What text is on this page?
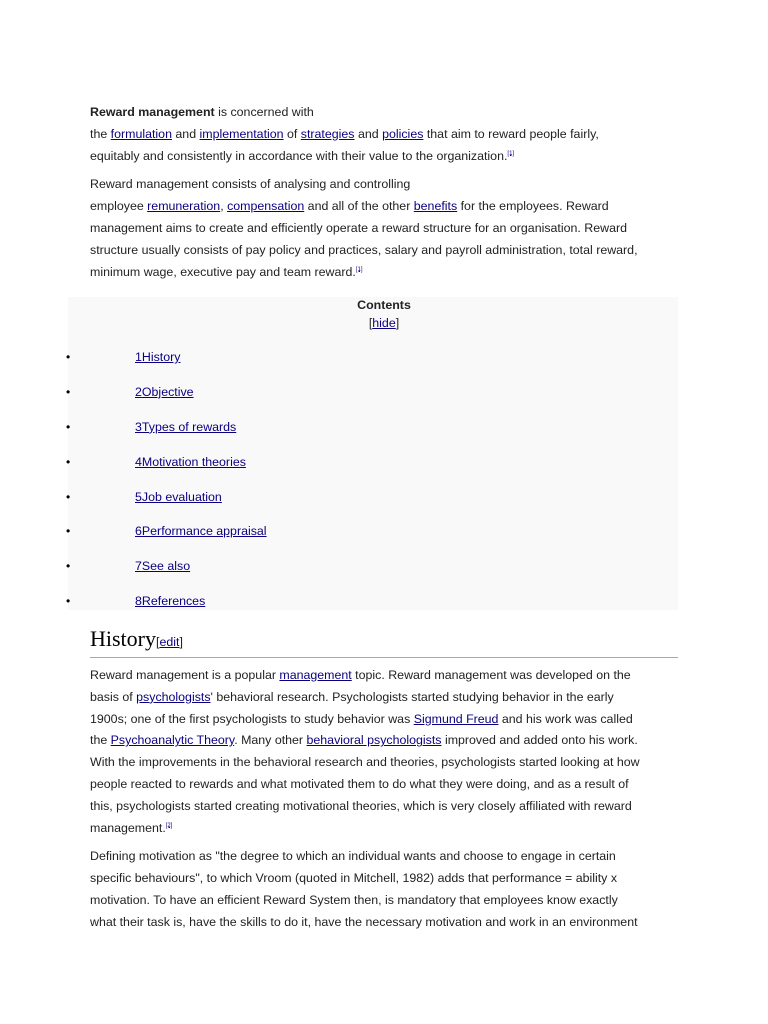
Reward management is concerned with
the formulation and implementation of strategies and policies that aim to reward people fairly,
equitably and consistently in accordance with their value to the organization.[1]

Reward management consists of analysing and controlling
employee remuneration, compensation and all of the other benefits for the employees. Reward
management aims to create and efficiently operate a reward structure for an organisation. Reward
structure usually consists of pay policy and practices, salary and payroll administration, total reward,
minimum wage, executive pay and team reward.[1]

Contents
[hide]
•	1History
•	2Objective
•	3Types of rewards
•	4Motivation theories
•	5Job evaluation
•	6Performance appraisal
•	7See also
•	8References
History[edit]

Reward management is a popular management topic. Reward management was developed on the
basis of psychologists' behavioral research. Psychologists started studying behavior in the early
1900s; one of the first psychologists to study behavior was Sigmund Freud and his work was called
the Psychoanalytic Theory. Many other behavioral psychologists improved and added onto his work.
With the improvements in the behavioral research and theories, psychologists started looking at how
people reacted to rewards and what motivated them to do what they were doing, and as a result of
this, psychologists started creating motivational theories, which is very closely affiliated with reward
management.[2]

Defining motivation as "the degree to which an individual wants and choose to engage in certain
specific behaviours", to which Vroom (quoted in Mitchell, 1982) adds that performance = ability x
motivation. To have an efficient Reward System then, is mandatory that employees know exactly
what their task is, have the skills to do it, have the necessary motivation and work in an environment
